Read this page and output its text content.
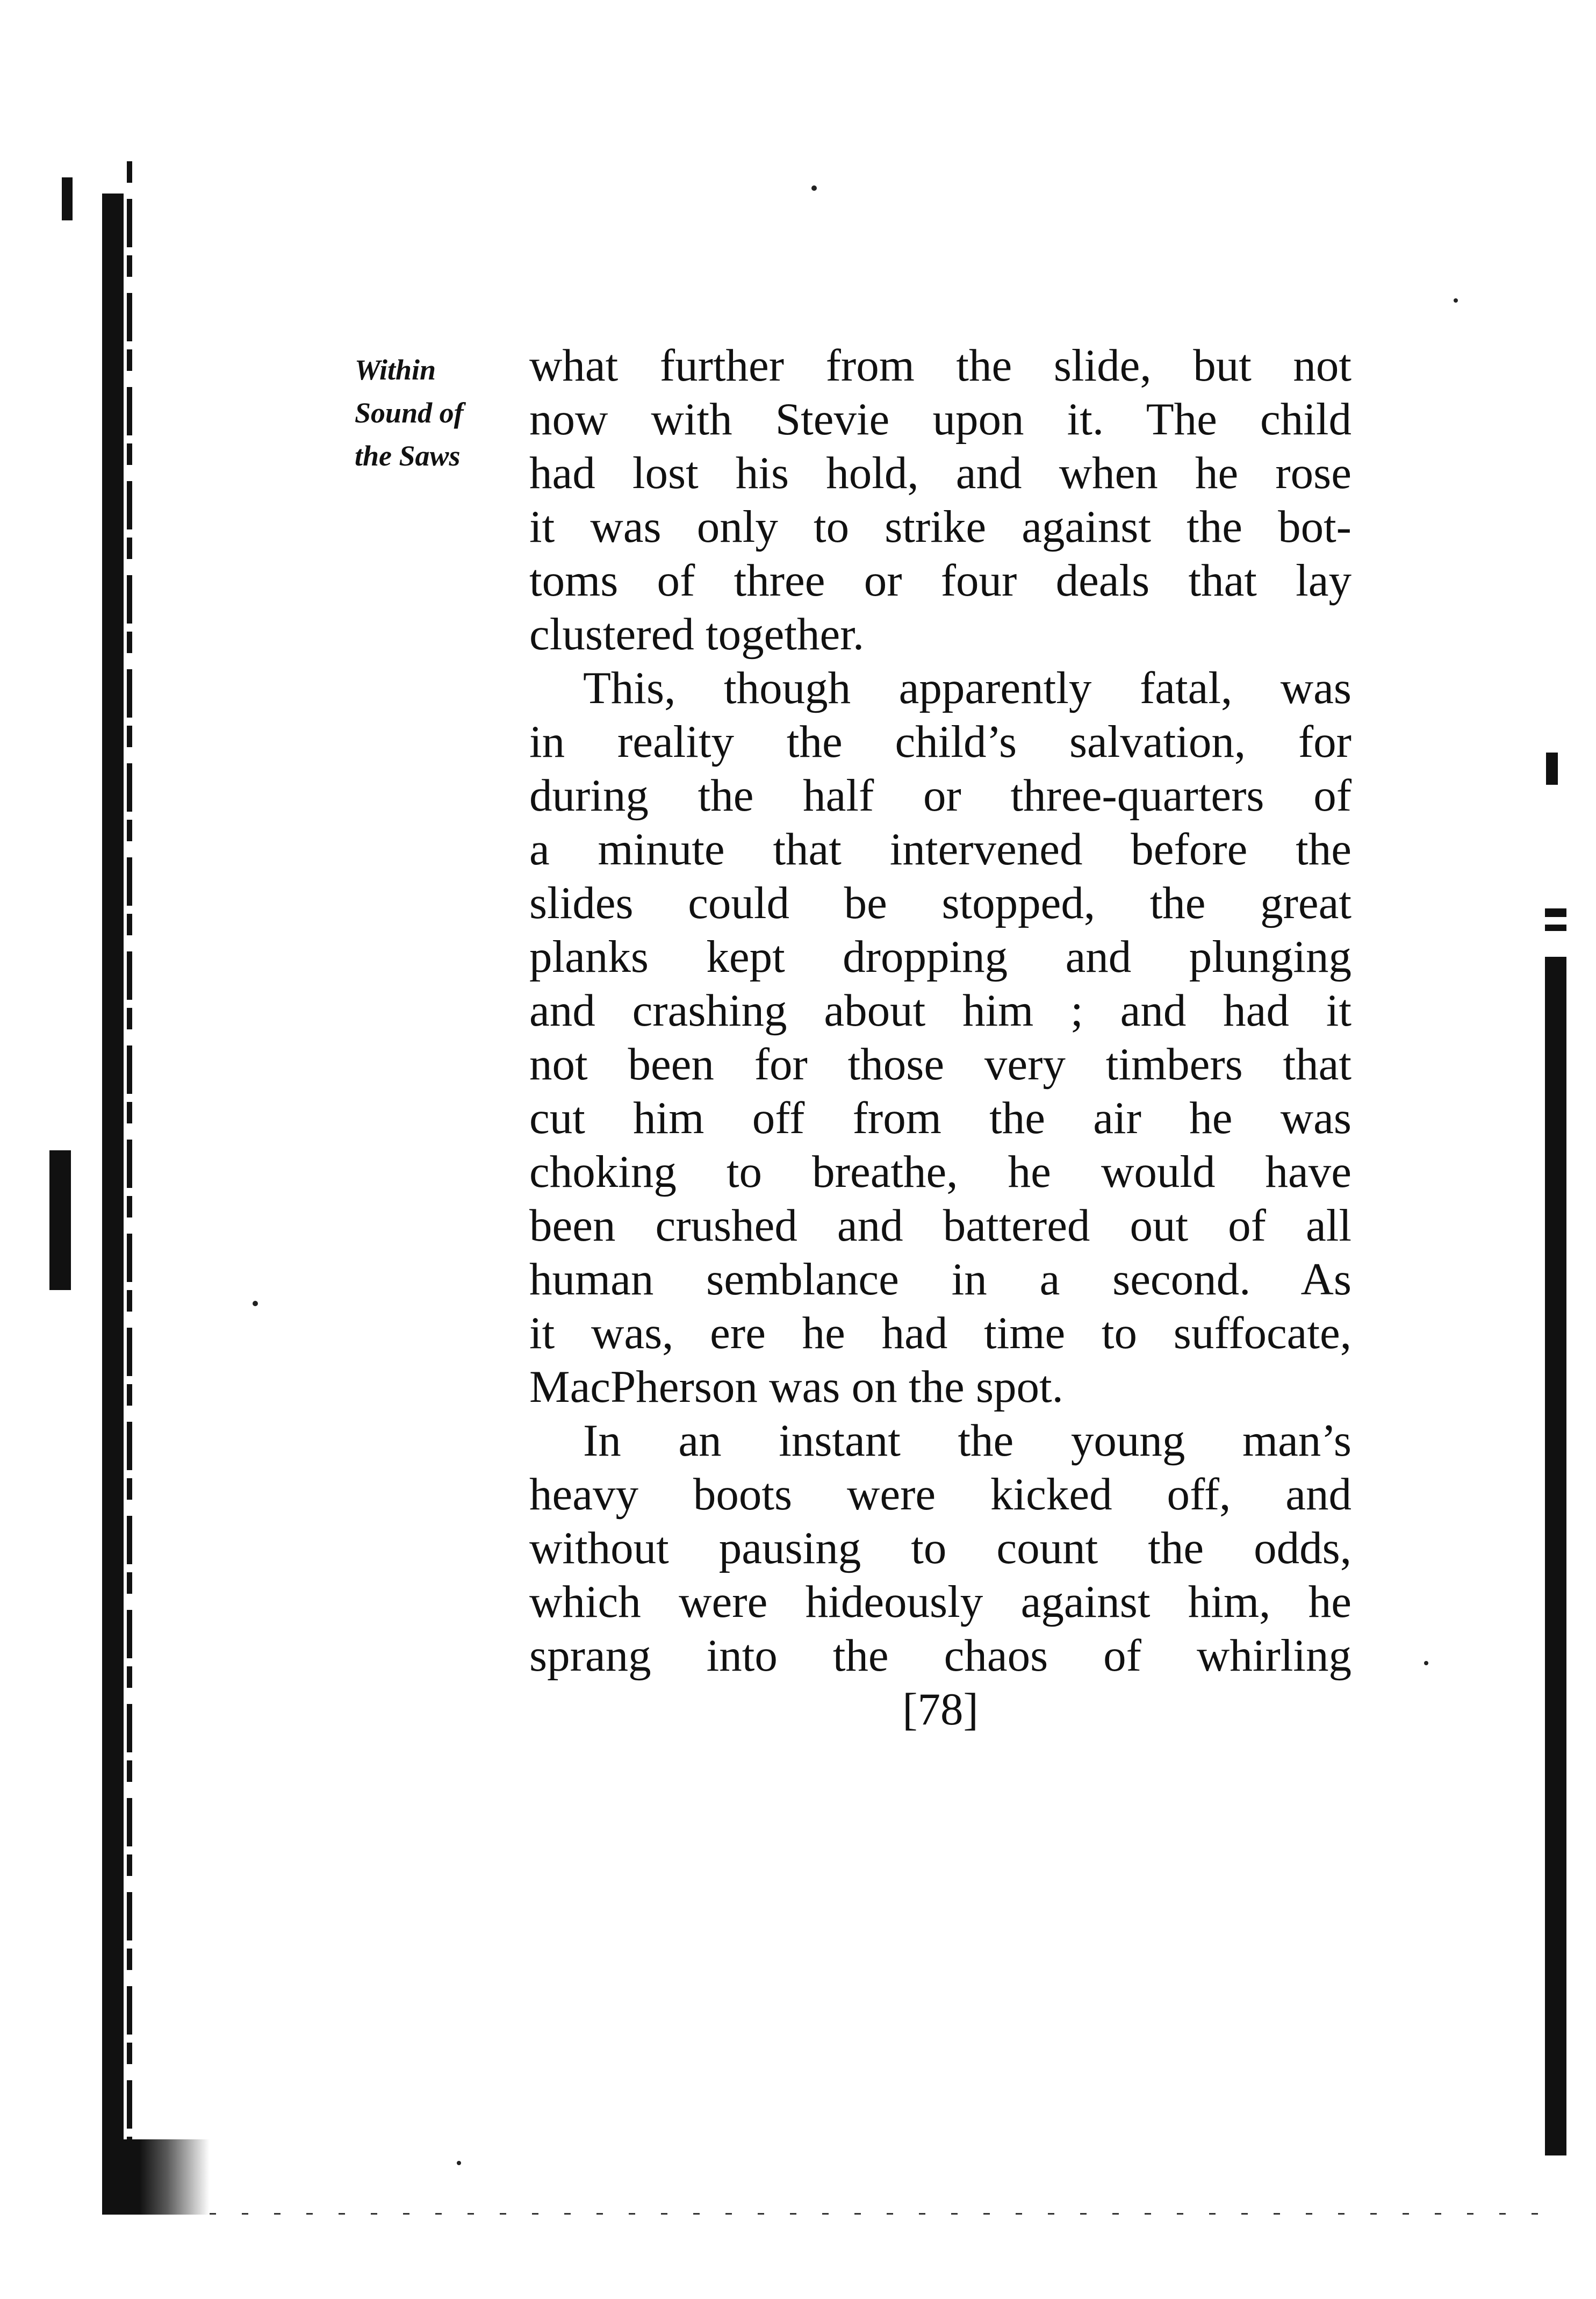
Within
Sound of
the Saws
what further from the slide, but not
now with Stevie upon it. The child
had lost his hold, and when he rose
it was only to strike against the bot-
toms of three or four deals that lay
clustered together.
This, though apparently fatal, was
in reality the child’s salvation, for
during the half or three-quarters of
a minute that intervened before the
slides could be stopped, the great
planks kept dropping and plunging
and crashing about him ; and had it
not been for those very timbers that
cut him off from the air he was
choking to breathe, he would have
been crushed and battered out of all
human semblance in a second. As
it was, ere he had time to suffocate,
MacPherson was on the spot.
In an instant the young man’s
heavy boots were kicked off, and
without pausing to count the odds,
which were hideously against him, he
sprang into the chaos of whirling
[78]
